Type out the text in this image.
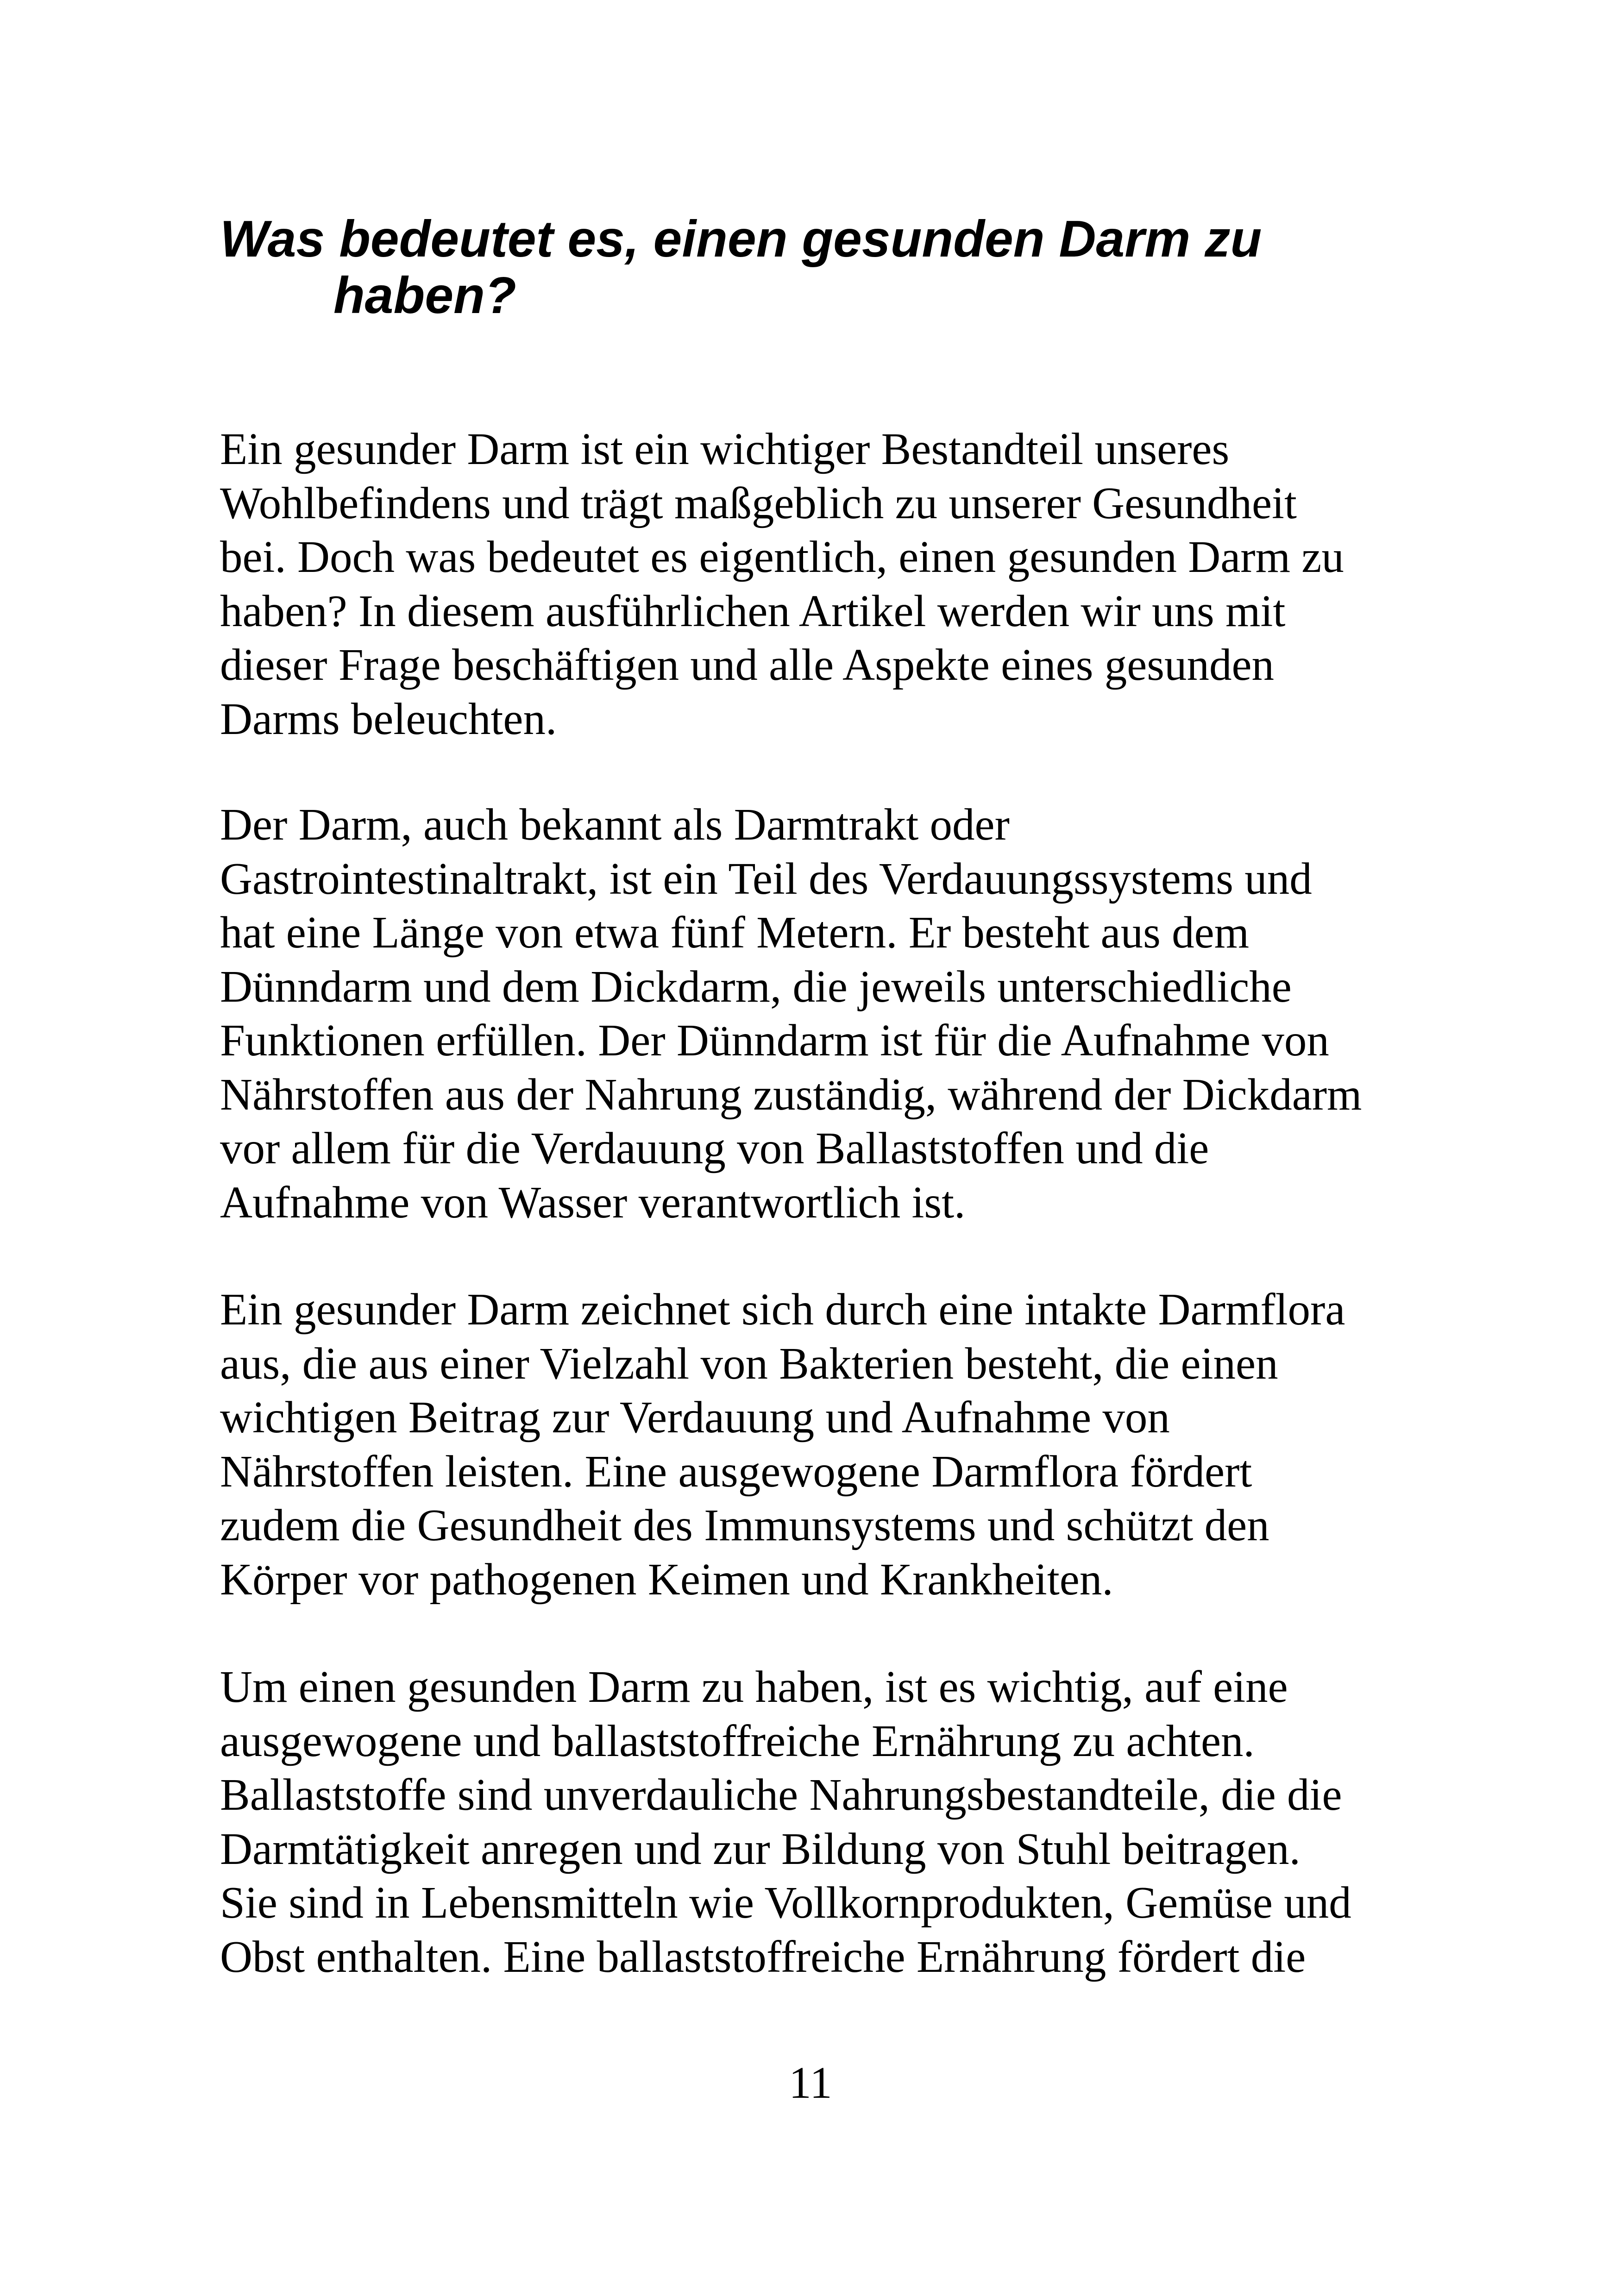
Was bedeutet es, einen gesunden Darm zu
haben?

Ein gesunder Darm ist ein wichtiger Bestandteil unseres
Wohlbefindens und trägt maßgeblich zu unserer Gesundheit
bei. Doch was bedeutet es eigentlich, einen gesunden Darm zu
haben? In diesem ausführlichen Artikel werden wir uns mit
dieser Frage beschäftigen und alle Aspekte eines gesunden
Darms beleuchten.

Der Darm, auch bekannt als Darmtrakt oder
Gastrointestinaltrakt, ist ein Teil des Verdauungssystems und
hat eine Länge von etwa fünf Metern. Er besteht aus dem
Dünndarm und dem Dickdarm, die jeweils unterschiedliche
Funktionen erfüllen. Der Dünndarm ist für die Aufnahme von
Nährstoffen aus der Nahrung zuständig, während der Dickdarm
vor allem für die Verdauung von Ballaststoffen und die
Aufnahme von Wasser verantwortlich ist.

Ein gesunder Darm zeichnet sich durch eine intakte Darmflora
aus, die aus einer Vielzahl von Bakterien besteht, die einen
wichtigen Beitrag zur Verdauung und Aufnahme von
Nährstoffen leisten. Eine ausgewogene Darmflora fördert
zudem die Gesundheit des Immunsystems und schützt den
Körper vor pathogenen Keimen und Krankheiten.

Um einen gesunden Darm zu haben, ist es wichtig, auf eine
ausgewogene und ballaststoffreiche Ernährung zu achten.
Ballaststoffe sind unverdauliche Nahrungsbestandteile, die die
Darmtätigkeit anregen und zur Bildung von Stuhl beitragen.
Sie sind in Lebensmitteln wie Vollkornprodukten, Gemüse und
Obst enthalten. Eine ballaststoffreiche Ernährung fördert die

11
